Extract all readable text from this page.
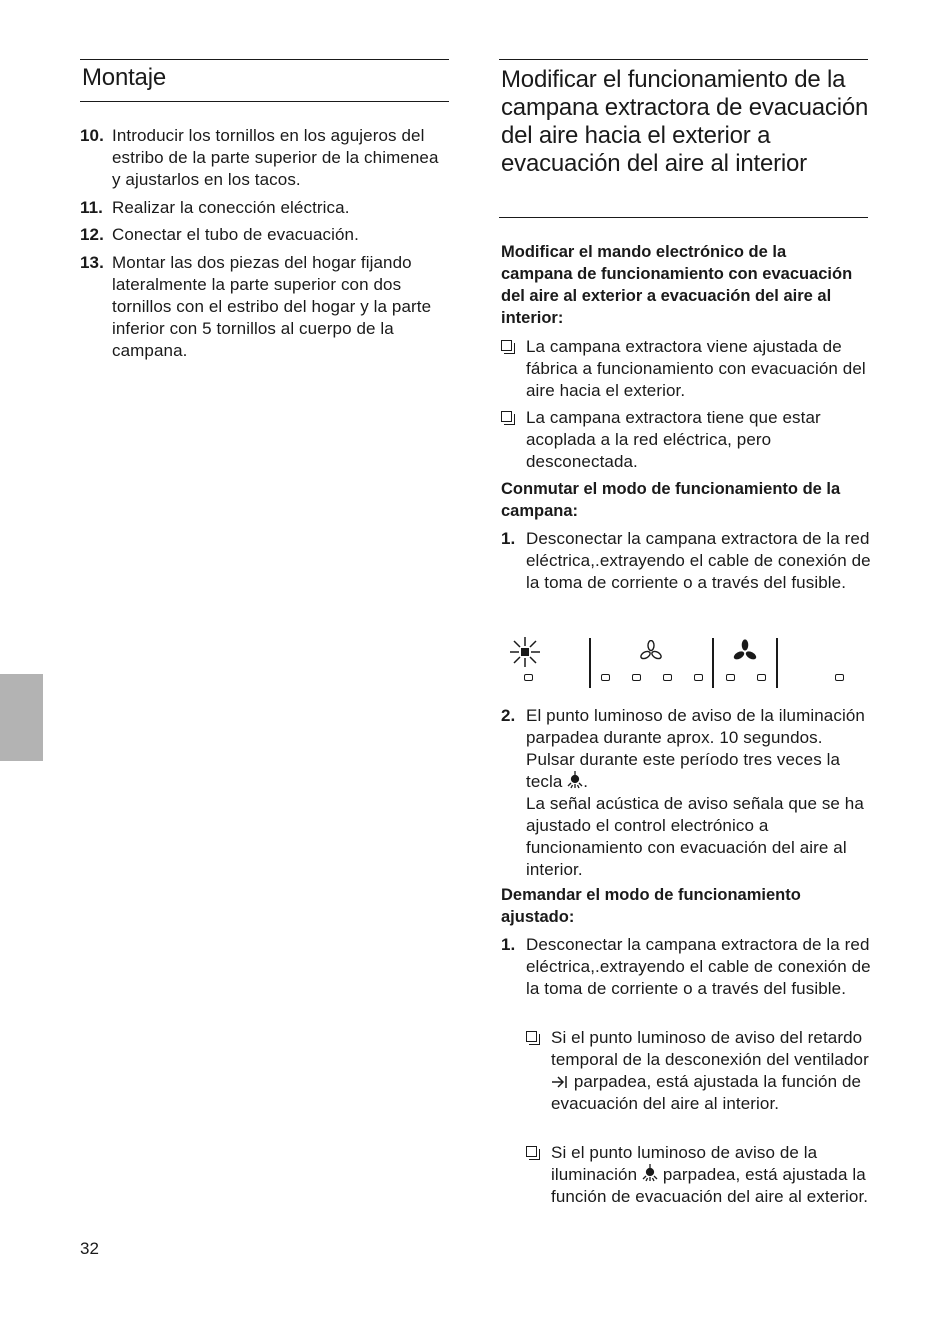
Montaje
10. Introducir los tornillos en los agujeros del estribo de la parte superior de la chimenea y ajustarlos en los tacos.
11. Realizar la conección eléctrica.
12. Conectar el tubo de evacuación.
13. Montar las dos piezas del hogar fijando lateralmente la parte superior con dos tornillos con el estribo del hogar y la parte inferior con 5 tornillos al cuerpo de la campana.
32
Modificar el funcionamiento de la campana extractora de evacuación del aire hacia el exterior a evacuación del aire al interior
Modificar el mando electrónico de la campana de funcionamiento con evacuación del aire al exterior a evacuación del aire al interior:
La campana extractora viene ajustada de fábrica a funcionamiento con evacuación del aire hacia el exterior.
La campana extractora tiene que estar acoplada a la red eléctrica, pero desconectada.
Conmutar el modo de funcionamiento de la campana:
1. Desconectar la campana extractora de la red eléctrica,.extrayendo el cable de conexión de la toma de corriente o a través del fusible.
2. El punto luminoso de aviso de la iluminación parpadea durante aprox. 10 segundos. Pulsar durante este período tres veces la tecla .
La señal acústica de aviso señala que se ha ajustado el control electrónico a funcionamiento con evacuación del aire al interior.
Demandar el modo de funcionamiento ajustado:
1. Desconectar la campana extractora de la red eléctrica,.extrayendo el cable de conexión de la toma de corriente o a través del fusible.
Si el punto luminoso de aviso del retardo temporal de la desconexión del ventilador  parpadea, está ajustada la función de evacuación del aire al interior.
Si el punto luminoso de aviso de la iluminación parpadea, está ajustada la función de evacuación del aire al exterior.
